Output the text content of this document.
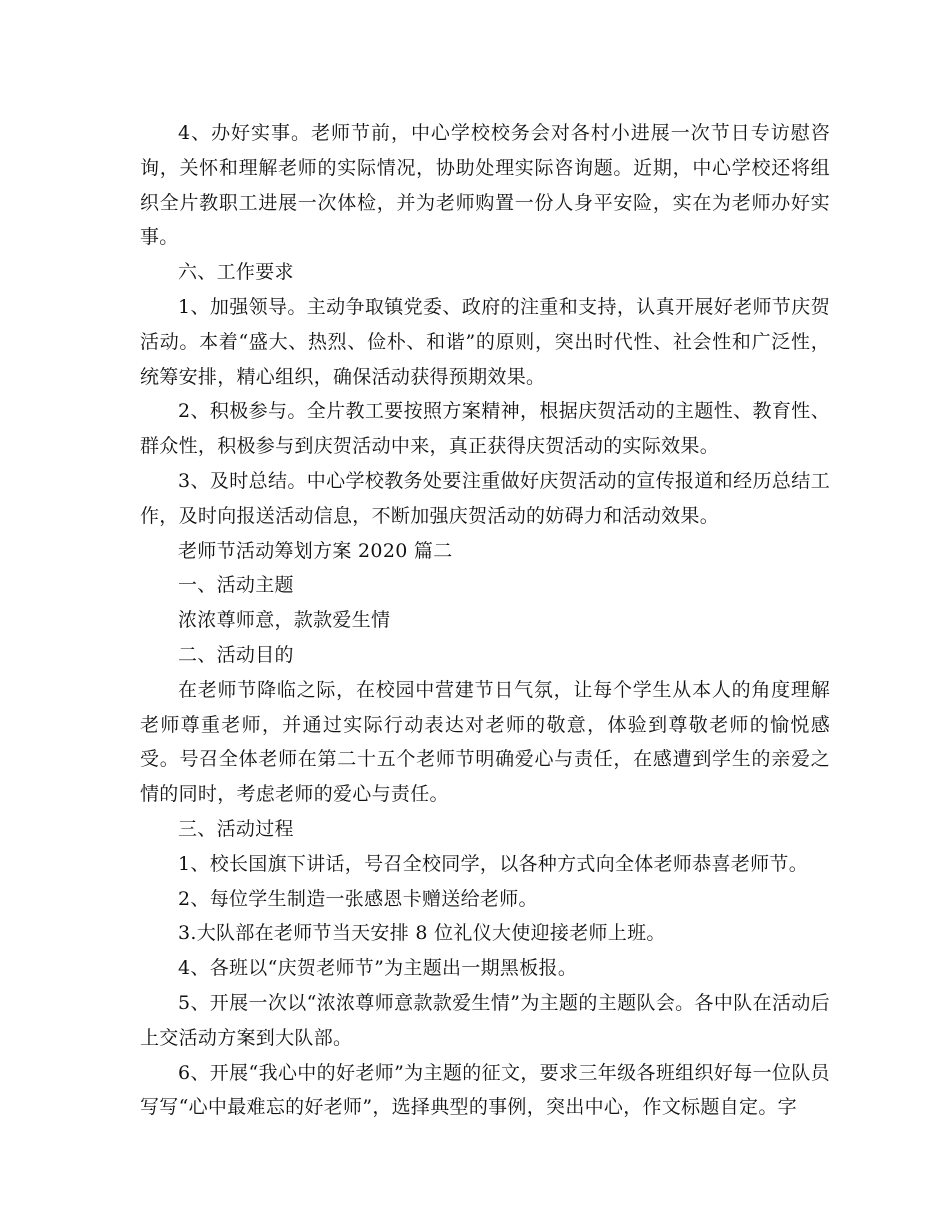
4、办好实事。老师节前，中心学校校务会对各村小进展一次节日专访慰咨询，关怀和理解老师的实际情况，协助处理实际咨询题。近期，中心学校还将组织全片教职工进展一次体检，并为老师购置一份人身平安险，实在为老师办好实事。

六、工作要求

1、加强领导。主动争取镇党委、政府的注重和支持，认真开展好老师节庆贺活动。本着“盛大、热烈、俭朴、和谐”的原则，突出时代性、社会性和广泛性，统筹安排，精心组织，确保活动获得预期效果。

2、积极参与。全片教工要按照方案精神，根据庆贺活动的主题性、教育性、群众性，积极参与到庆贺活动中来，真正获得庆贺活动的实际效果。

3、及时总结。中心学校教务处要注重做好庆贺活动的宣传报道和经历总结工作，及时向报送活动信息，不断加强庆贺活动的妨碍力和活动效果。

老师节活动筹划方案 2020 篇二

一、活动主题

浓浓尊师意，款款爱生情

二、活动目的

在老师节降临之际，在校园中营建节日气氛，让每个学生从本人的角度理解老师尊重老师，并通过实际行动表达对老师的敬意，体验到尊敬老师的愉悦感受。号召全体老师在第二十五个老师节明确爱心与责任，在感遭到学生的亲爱之情的同时，考虑老师的爱心与责任。

三、活动过程

1、校长国旗下讲话，号召全校同学，以各种方式向全体老师恭喜老师节。

2、每位学生制造一张感恩卡赠送给老师。

3.大队部在老师节当天安排 8 位礼仪大使迎接老师上班。

4、各班以“庆贺老师节”为主题出一期黑板报。

5、开展一次以“浓浓尊师意款款爱生情”为主题的主题队会。各中队在活动后上交活动方案到大队部。

6、开展“我心中的好老师”为主题的征文，要求三年级各班组织好每一位队员写写“心中最难忘的好老师”，选择典型的事例，突出中心，作文标题自定。字
